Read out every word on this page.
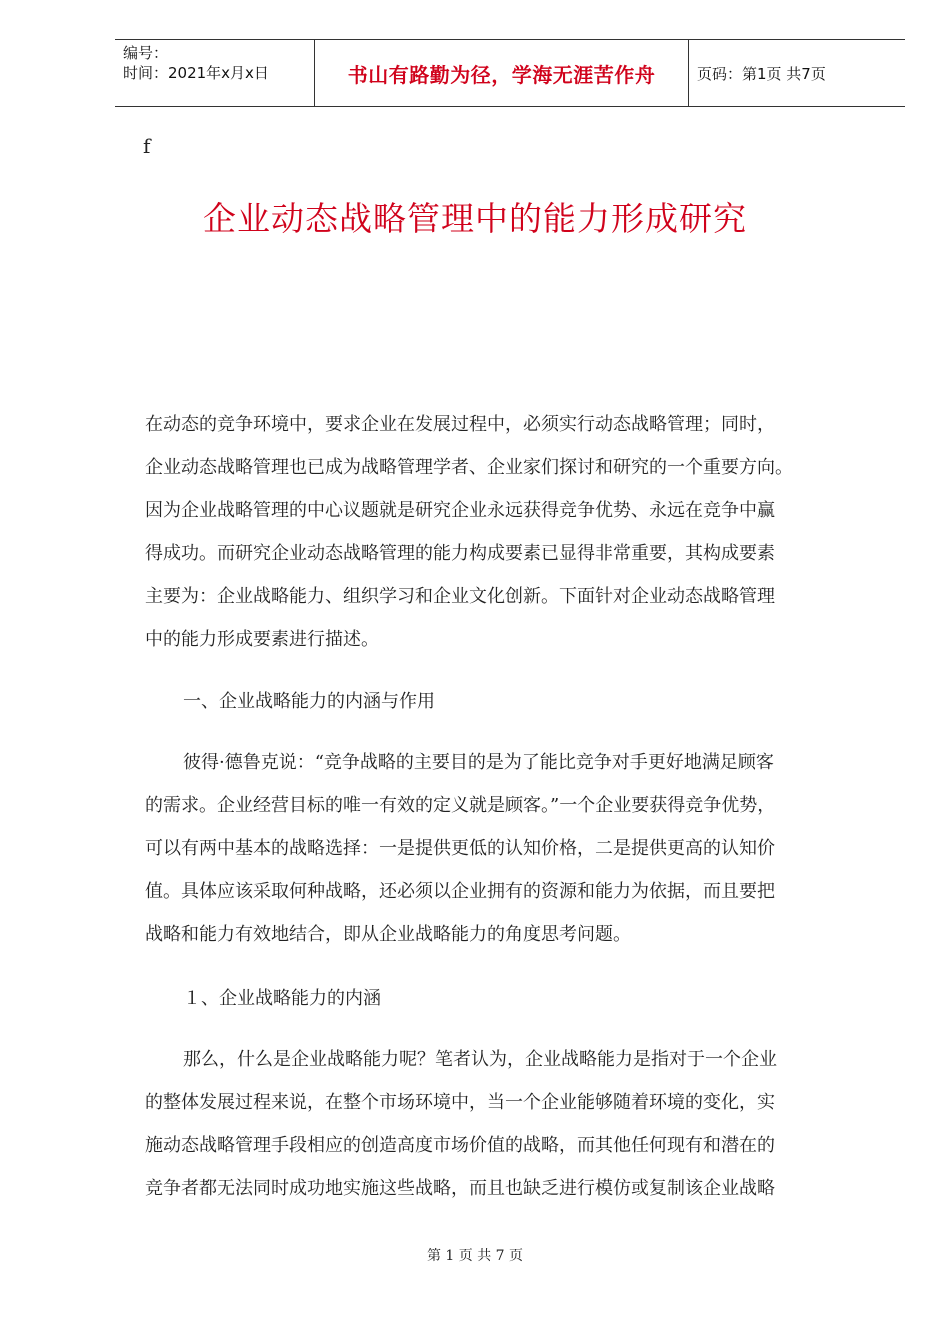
编号：
时间：2021年x月x日	书山有路勤为径，学海无涯苦作舟	页码：第1页 共7页
f
企业动态战略管理中的能力形成研究
在动态的竞争环境中，要求企业在发展过程中，必须实行动态战略管理；同时，
企业动态战略管理也已成为战略管理学者、企业家们探讨和研究的一个重要方向。
因为企业战略管理的中心议题就是研究企业永远获得竞争优势、永远在竞争中赢
得成功。而研究企业动态战略管理的能力构成要素已显得非常重要，其构成要素
主要为：企业战略能力、组织学习和企业文化创新。下面针对企业动态战略管理
中的能力形成要素进行描述。
一、企业战略能力的内涵与作用
彼得·德鲁克说：“竞争战略的主要目的是为了能比竞争对手更好地满足顾客
的需求。企业经营目标的唯一有效的定义就是顾客。”一个企业要获得竞争优势，
可以有两中基本的战略选择：一是提供更低的认知价格，二是提供更高的认知价
值。具体应该采取何种战略，还必须以企业拥有的资源和能力为依据，而且要把
战略和能力有效地结合，即从企业战略能力的角度思考问题。
１、企业战略能力的内涵
那么，什么是企业战略能力呢？笔者认为，企业战略能力是指对于一个企业
的整体发展过程来说，在整个市场环境中，当一个企业能够随着环境的变化，实
施动态战略管理手段相应的创造高度市场价值的战略，而其他任何现有和潜在的
竞争者都无法同时成功地实施这些战略，而且也缺乏进行模仿或复制该企业战略
第 1 页 共 7 页
